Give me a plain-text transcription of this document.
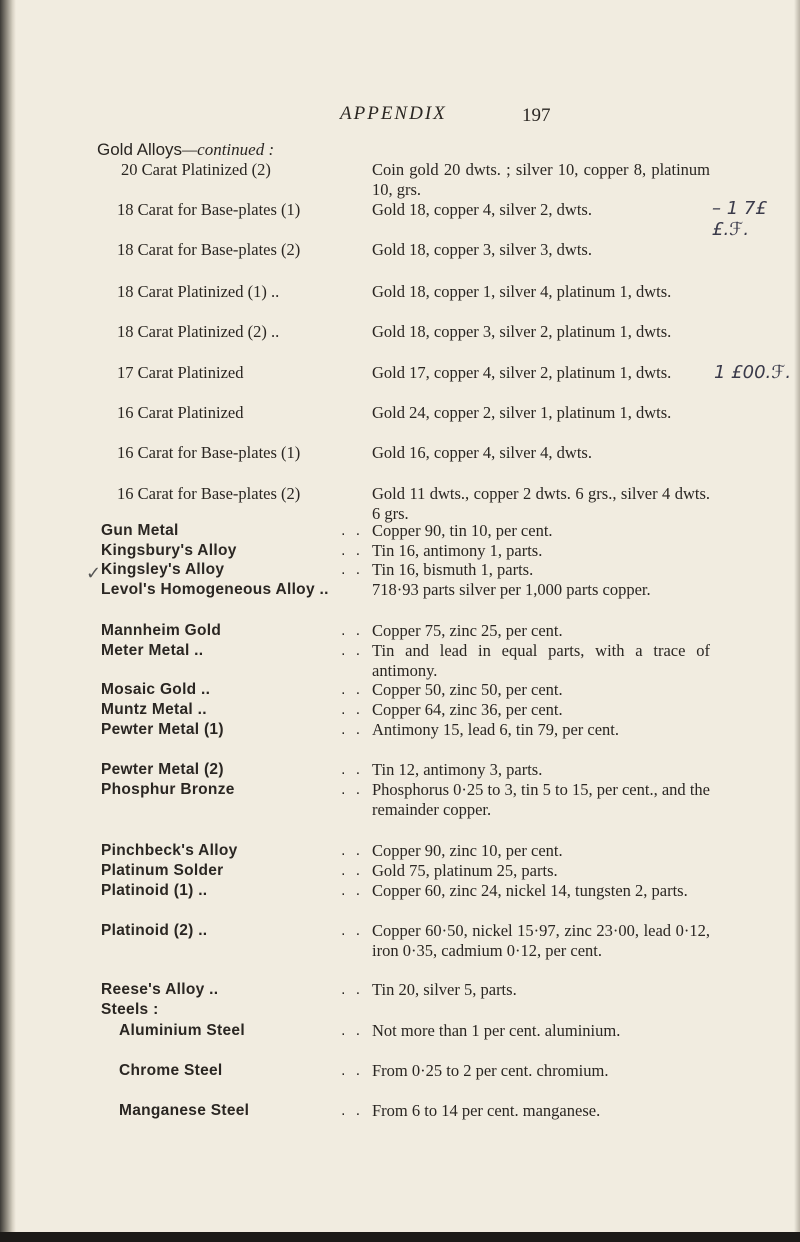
APPENDIX	197
Gold Alloys—continued :
20 Carat Platinized (2)	Coin gold 20 dwts. ; silver 10, copper 8, platinum 10, grs.
18 Carat for Base-plates (1)	Gold 18, copper 4, silver 2, dwts.
18 Carat for Base-plates (2)	Gold 18, copper 3, silver 3, dwts.
18 Carat Platinized (1) ..	Gold 18, copper 1, silver 4, platinum 1, dwts.
18 Carat Platinized (2) ..	Gold 18, copper 3, silver 2, platinum 1, dwts.
17 Carat Platinized	Gold 17, copper 4, silver 2, platinum 1, dwts.
16 Carat Platinized	Gold 24, copper 2, silver 1, platinum 1, dwts.
16 Carat for Base-plates (1)	Gold 16, copper 4, silver 4, dwts.
16 Carat for Base-plates (2)	Gold 11 dwts., copper 2 dwts. 6 grs., silver 4 dwts. 6 grs.
Gun Metal	. . Copper 90, tin 10, per cent.
Kingsbury's Alloy	. . Tin 16, antimony 1, parts.
Kingsley's Alloy	. . Tin 16, bismuth 1, parts.
Levol's Homogeneous Alloy ..	718·93 parts silver per 1,000 parts copper.
Mannheim Gold	. . Copper 75, zinc 25, per cent.
Meter Metal ..	. . Tin and lead in equal parts, with a trace of antimony.
Mosaic Gold ..	. . Copper 50, zinc 50, per cent.
Muntz Metal ..	. . Copper 64, zinc 36, per cent.
Pewter Metal (1)	. . Antimony 15, lead 6, tin 79, per cent.
Pewter Metal (2)	. . Tin 12, antimony 3, parts.
Phosphur Bronze	. . Phosphorus 0·25 to 3, tin 5 to 15, per cent., and the remainder copper.
Pinchbeck's Alloy	. . Copper 90, zinc 10, per cent.
Platinum Solder	. . Gold 75, platinum 25, parts.
Platinoid (1) ..	. . Copper 60, zinc 24, nickel 14, tungsten 2, parts.
Platinoid (2) ..	. . Copper 60·50, nickel 15·97, zinc 23·00, lead 0·12, iron 0·35, cadmium 0·12, per cent.
Reese's Alloy ..	. . Tin 20, silver 5, parts.
Steels :
Aluminium Steel	. . Not more than 1 per cent. aluminium.
Chrome Steel	. . From 0·25 to 2 per cent. chromium.
Manganese Steel	. . From 6 to 14 per cent. manganese.
– 1 7££.ℱ.
1 £00.ℱ.
✓
